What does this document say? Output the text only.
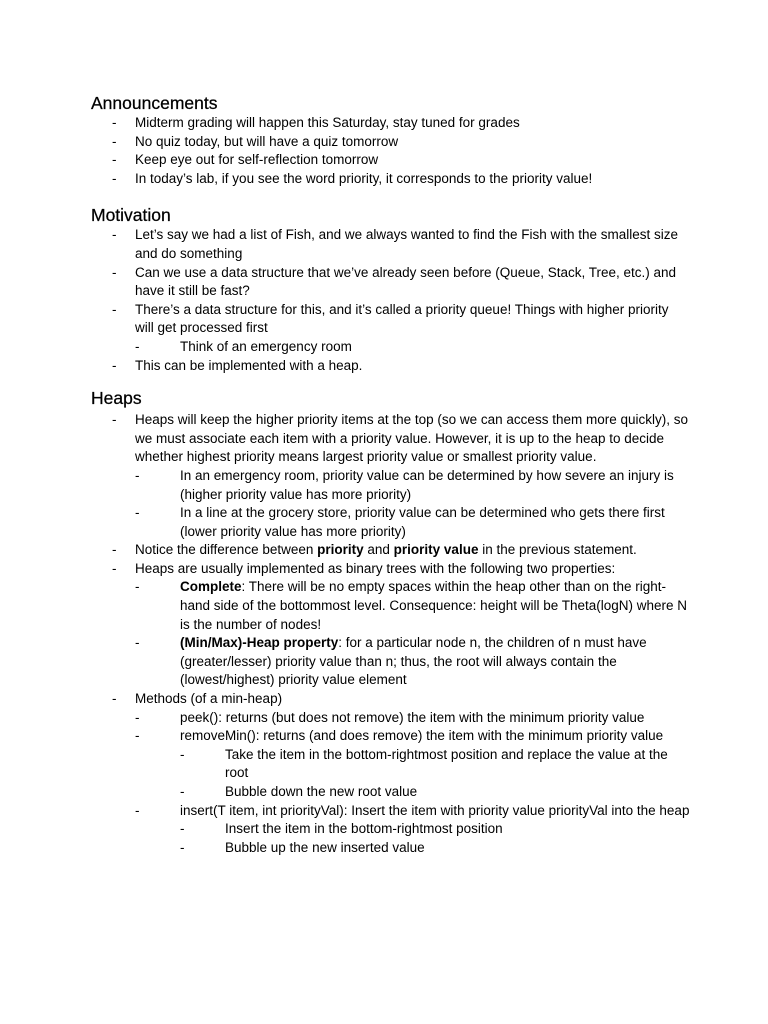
Announcements
-	Midterm grading will happen this Saturday, stay tuned for grades
-	No quiz today, but will have a quiz tomorrow
-	Keep eye out for self-reflection tomorrow
-	In today’s lab, if you see the word priority, it corresponds to the priority value!
Motivation
-	Let’s say we had a list of Fish, and we always wanted to find the Fish with the smallest size and do something
-	Can we use a data structure that we’ve already seen before (Queue, Stack, Tree, etc.) and have it still be fast?
-	There’s a data structure for this, and it’s called a priority queue! Things with higher priority will get processed first
-	Think of an emergency room
-	This can be implemented with a heap.
Heaps
-	Heaps will keep the higher priority items at the top (so we can access them more quickly), so we must associate each item with a priority value. However, it is up to the heap to decide whether highest priority means largest priority value or smallest priority value.
-	In an emergency room, priority value can be determined by how severe an injury is (higher priority value has more priority)
-	In a line at the grocery store, priority value can be determined who gets there first (lower priority value has more priority)
-	Notice the difference between priority and priority value in the previous statement.
-	Heaps are usually implemented as binary trees with the following two properties:
-	Complete: There will be no empty spaces within the heap other than on the right-hand side of the bottommost level. Consequence: height will be Theta(logN) where N is the number of nodes!
-	(Min/Max)-Heap property: for a particular node n, the children of n must have (greater/lesser) priority value than n; thus, the root will always contain the (lowest/highest) priority value element
-	Methods (of a min-heap)
-	peek(): returns (but does not remove) the item with the minimum priority value
-	removeMin(): returns (and does remove) the item with the minimum priority value
-	Take the item in the bottom-rightmost position and replace the value at the root
-	Bubble down the new root value
-	insert(T item, int priorityVal): Insert the item with priority value priorityVal into the heap
-	Insert the item in the bottom-rightmost position
-	Bubble up the new inserted value
